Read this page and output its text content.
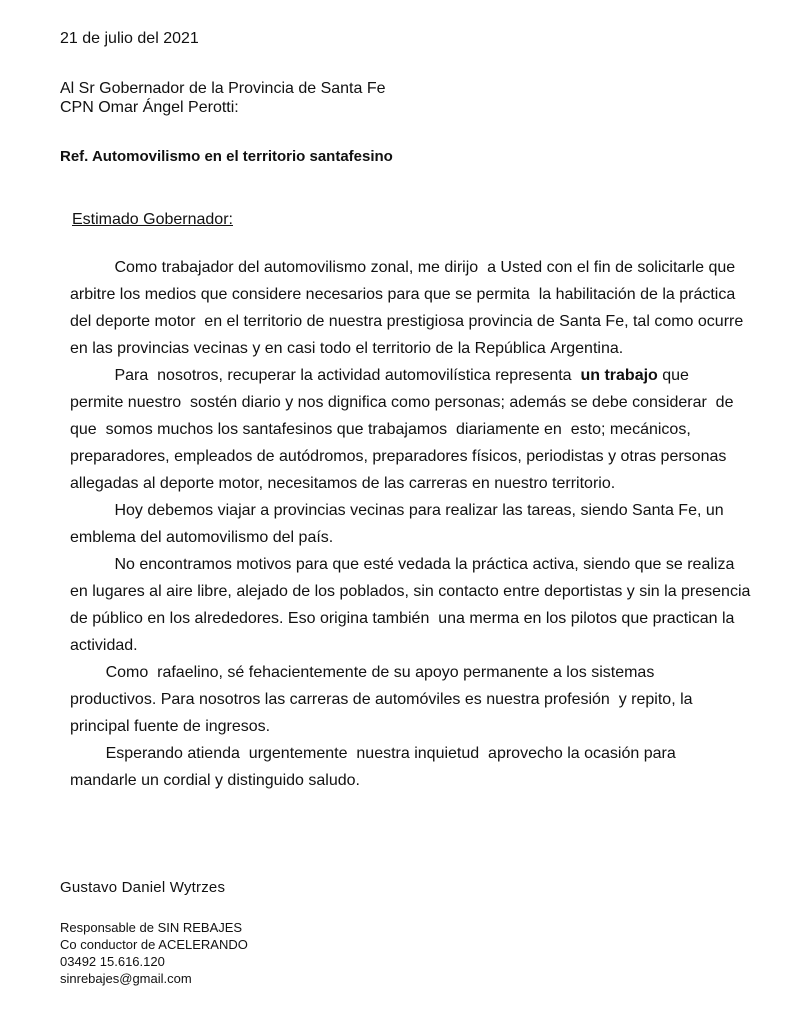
21 de julio del 2021

Al Sr Gobernador de la Provincia de Santa Fe
CPN Omar Ángel Perotti:

Ref. Automovilismo en el territorio santafesino

Estimado Gobernador:

Como trabajador del automovilismo zonal, me dirijo  a Usted con el fin de solicitarle que
arbitre los medios que considere necesarios para que se permita  la habilitación de la práctica
del deporte motor  en el territorio de nuestra prestigiosa provincia de Santa Fe, tal como ocurre
en las provincias vecinas y en casi todo el territorio de la República Argentina.
Para  nosotros, recuperar la actividad automovilística representa  un trabajo que
permite nuestro  sostén diario y nos dignifica como personas; además se debe considerar  de
que  somos muchos los santafesinos que trabajamos  diariamente en  esto; mecánicos,
preparadores, empleados de autódromos, preparadores físicos, periodistas y otras personas
allegadas al deporte motor, necesitamos de las carreras en nuestro territorio.
Hoy debemos viajar a provincias vecinas para realizar las tareas, siendo Santa Fe, un
emblema del automovilismo del país.
No encontramos motivos para que esté vedada la práctica activa, siendo que se realiza
en lugares al aire libre, alejado de los poblados, sin contacto entre deportistas y sin la presencia
de público en los alrededores. Eso origina también  una merma en los pilotos que practican la
actividad.
Como  rafaelino, sé fehacientemente de su apoyo permanente a los sistemas
productivos. Para nosotros las carreras de automóviles es nuestra profesión  y repito, la
principal fuente de ingresos.
Esperando atienda  urgentemente  nuestra inquietud  aprovecho la ocasión para
mandarle un cordial y distinguido saludo.

Gustavo Daniel Wytrzes

Responsable de SIN REBAJES
Co conductor de ACELERANDO
03492 15.616.120
sinrebajes@gmail.com
